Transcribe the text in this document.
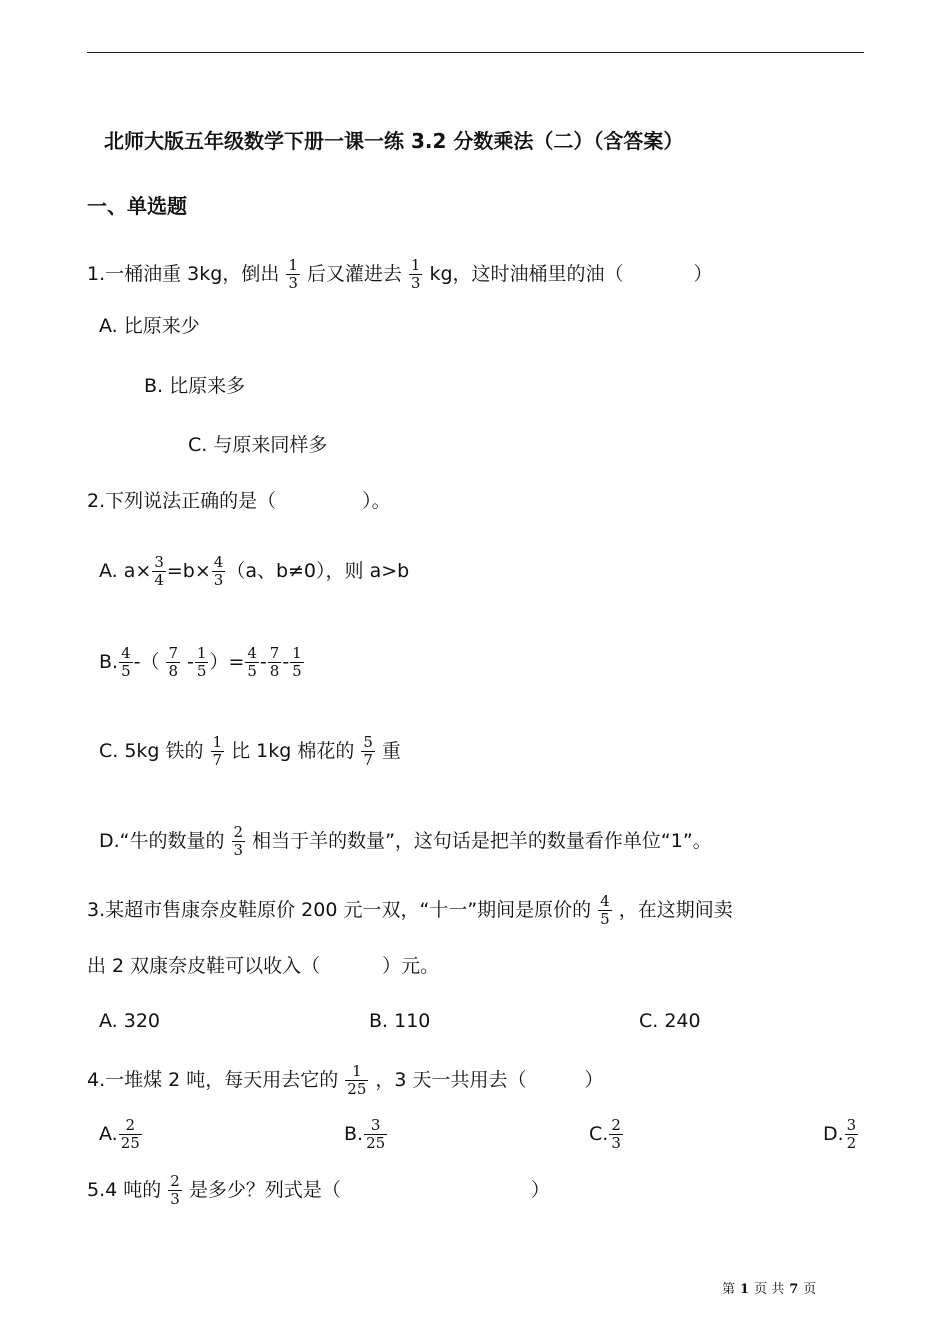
北师大版五年级数学下册一课一练 3.2 分数乘法（二）（含答案）
一、单选题
1.一桶油重 3kg，倒出 $\frac{1}{3}$ 后又灌进去 $\frac{1}{3}$ kg，这时油桶里的油（	）
A. 比原来少
B. 比原来多
C. 与原来同样多
2.下列说法正确的是（	）。
A. $a\times \frac{3}{4} =b\times \frac{4}{3} (a$、b≠0），则 a>b
B. $\frac{4}{5}$ -（ $\frac{7}{8} - \frac{1}{5}$ ）= $\frac{4}{5} - \frac{7}{8} - \frac{1}{5}$
C. 5kg 铁的 $\frac{1}{7}$ 比 1kg 棉花的 $\frac{5}{7}$ 重
D.“牛的数量的 $\frac{2}{3}$ 相当于羊的数量”，这句话是把羊的数量看作单位“1”。
3.某超市售康奈皮鞋原价 200 元一双，“十一”期间是原价的 $\frac{4}{5}$ ，在这期间卖
出 2 双康奈皮鞋可以收入（	）元。
A. 320	B. 110	C. 240
4.一堆煤 2 吨，每天用去它的 $\frac{1}{25}$ ，3 天一共用去（	）
A. $\frac{2}{25}$	B. $\frac{3}{25}$	C. $\frac{2}{3}$	D. $\frac{3}{2}$
5.4 吨的 $\frac{2}{3}$ 是多少？列式是（	）
第 1 页 共 7 页
